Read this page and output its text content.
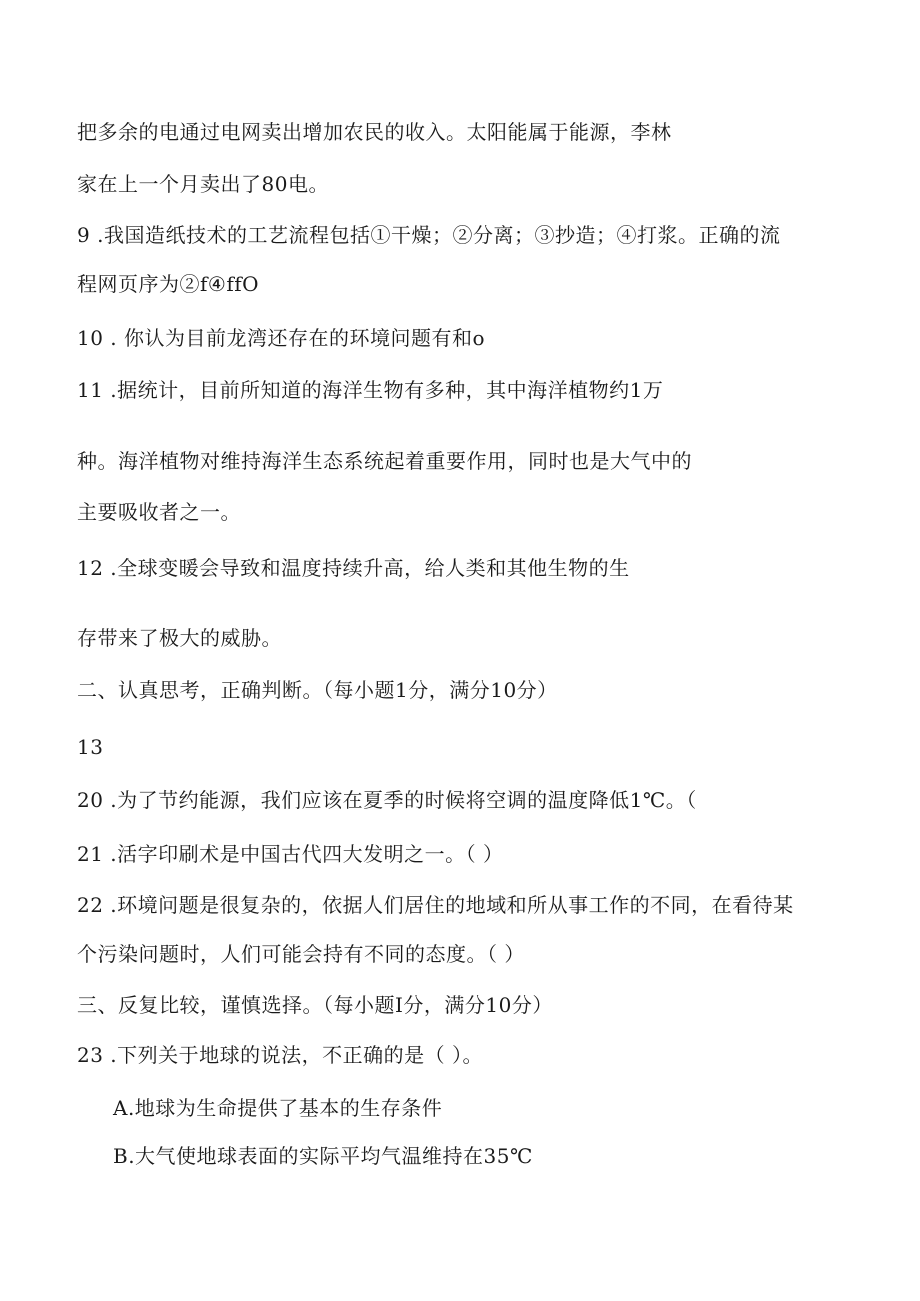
把多余的电通过电网卖出增加农民的收入。太阳能属于能源，李林
家在上一个月卖出了80电。
9 .我国造纸技术的工艺流程包括①干燥；②分离；③抄造；④打浆。正确的流
程网页序为②f④ffO
10 . 你认为目前龙湾还存在的环境问题有和o
11 .据统计，目前所知道的海洋生物有多种，其中海洋植物约1万
种。海洋植物对维持海洋生态系统起着重要作用，同时也是大气中的
主要吸收者之一。
12 .全球变暖会导致和温度持续升高，给人类和其他生物的生
存带来了极大的威胁。
二、认真思考，正确判断。（每小题1分，满分10分）
13
20 .为了节约能源，我们应该在夏季的时候将空调的温度降低1℃。（
21 .活字印刷术是中国古代四大发明之一。（ ）
22 .环境问题是很复杂的，依据人们居住的地域和所从事工作的不同，在看待某
个污染问题时，人们可能会持有不同的态度。（ ）
三、反复比较，谨慎选择。（每小题I分，满分10分）
23 .下列关于地球的说法，不正确的是（ ）。
A.地球为生命提供了基本的生存条件
B.大气使地球表面的实际平均气温维持在35℃
